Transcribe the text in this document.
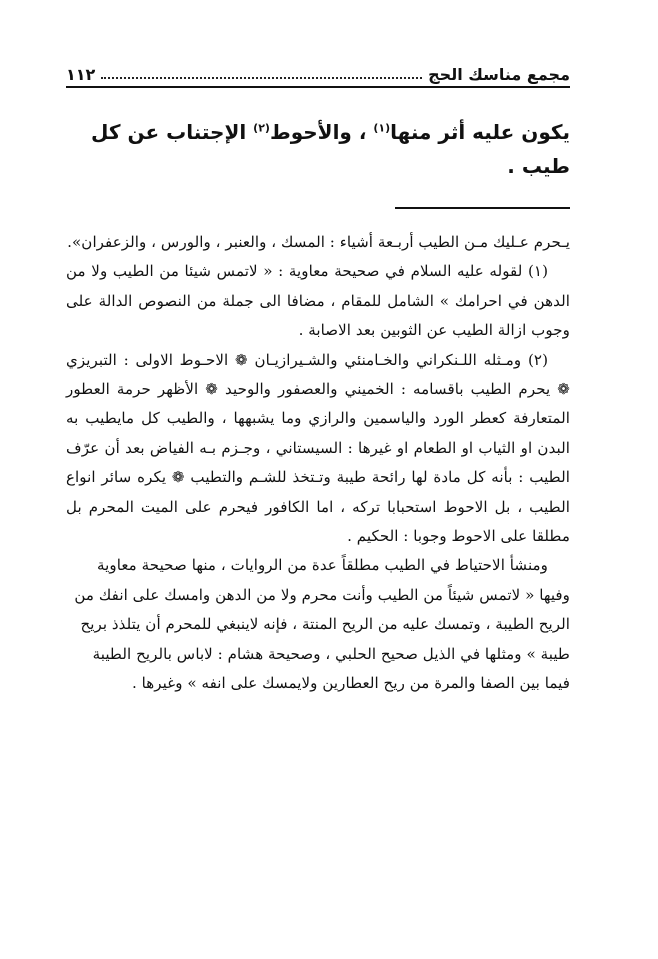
مجمع مناسك الحج
١١٢
يكون عليه أثر منها$^{(١)}$ ، والأحوط$^{(٢)}$ الإجتناب عن كل طيب .

يـحرم عـليك مـن الطيب أربـعة أشياء : المسك ، والعنبر ، والورس ، والزعفران».

(١) لقوله عليه السلام في صحيحة معاوية : « لاتمس شيئا من الطيب ولا من الدهن في احرامك » الشامل للمقام ، مضافا الى جملة من النصوص الدالة على وجوب ازالة الطيب عن الثوبين بعد الاصابة .

(٢) ومـثله اللـنكراني والخـامنئي والشـيرازيـان ❁ الاحـوط الاولى : التبريزي ❁ يحرم الطيب باقسامه : الخميني والعصفور والوحيد ❁ الأظهر حرمة العطور المتعارفة كعطر الورد والياسمين والرازي وما يشبهها ، والطيب كل مايطيب به البدن او الثياب او الطعام او غيرها : السيستاني ، وجـزم بـه الفياض بعد أن عرّف الطيب : بأنه كل مادة لها رائحة طيبة وتـتخذ للشـم والتطيب ❁ يكره سائر انواع الطيب ، بل الاحوط استحبابا تركه ، اما الكافور فيحرم على الميت المحرم بل مطلقا على الاحوط وجوبا : الحكيم .

ومنشأ الاحتياط في الطيب مطلقاً عدة من الروايات ، منها صحيحة معاوية وفيها « لاتمس شيئاً من الطيب وأنت محرم ولا من الدهن وامسك على انفك من الريح الطيبة ، وتمسك عليه من الريح المنتة ، فإنه لاينبغي للمحرم أن يتلذذ بريح طيبة » ومثلها في الذيل صحيح الحلبي ، وصحيحة هشام : لاباس بالريح الطيبة فيما بين الصفا والمرة من ريح العطارين ولايمسك على انفه » وغيرها .
